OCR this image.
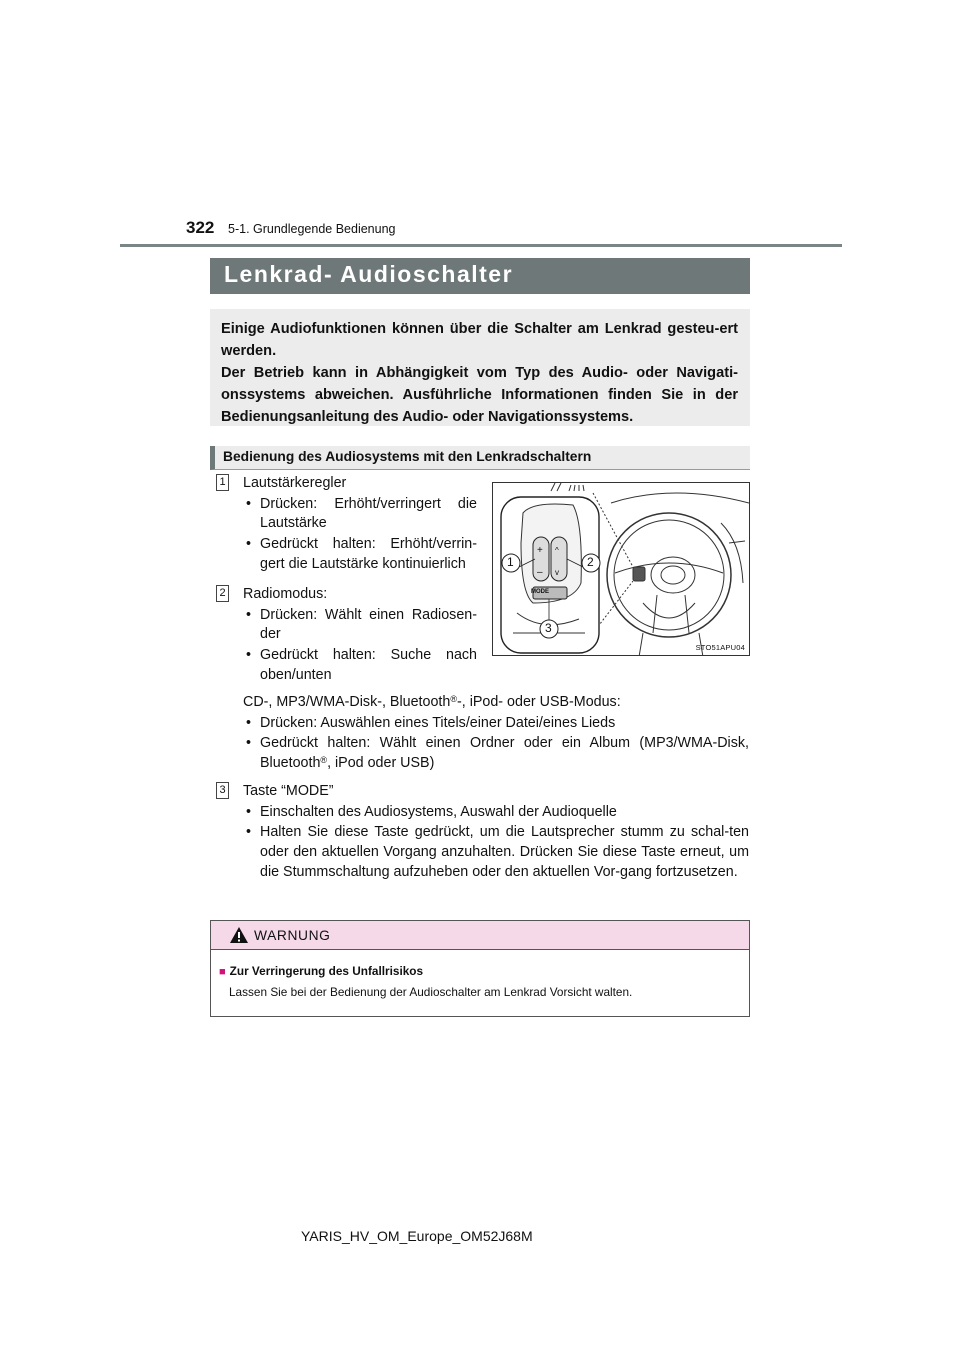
322 5-1. Grundlegende Bedienung
Lenkrad- Audioschalter

Einige Audiofunktionen können über die Schalter am Lenkrad gesteu-ert werden.

Der Betrieb kann in Abhängigkeit vom Typ des Audio- oder Navigati-onssystems abweichen. Ausführliche Informationen finden Sie in der Bedienungsanleitung des Audio- oder Navigationssystems.

Bedienung des Audiosystems mit den Lenkradschaltern
1 Lautstärkeregler

• Drücken: Erhöht/verringert die Lautstärke
• Gedrückt halten: Erhöht/verrin-gert die Lautstärke kontinuierlich
2 Radiomodus:

• Drücken: Wählt einen Radiosen-der
• Gedrückt halten: Suche nach oben/unten

CD-, MP3/WMA-Disk-, Bluetooth®-, iPod- oder USB-Modus:

• Drücken: Auswählen eines Titels/einer Datei/eines Lieds
• Gedrückt halten: Wählt einen Ordner oder ein Album (MP3/WMA-Disk, Bluetooth®, iPod oder USB)
3 Taste “MODE”

• Einschalten des Audiosystems, Auswahl der Audioquelle
• Halten Sie diese Taste gedrückt, um die Lautsprecher stumm zu schal-ten oder den aktuellen Vorgang anzuhalten. Drücken Sie diese Taste erneut, um die Stummschaltung aufzuheben oder den aktuellen Vor-gang fortzusetzen.
+
–
^
v
MODE
1	2
3
STO51APU04
WARNUNG
■ Zur Verringerung des Unfallrisikos
Lassen Sie bei der Bedienung der Audioschalter am Lenkrad Vorsicht walten.
YARIS_HV_OM_Europe_OM52J68M
